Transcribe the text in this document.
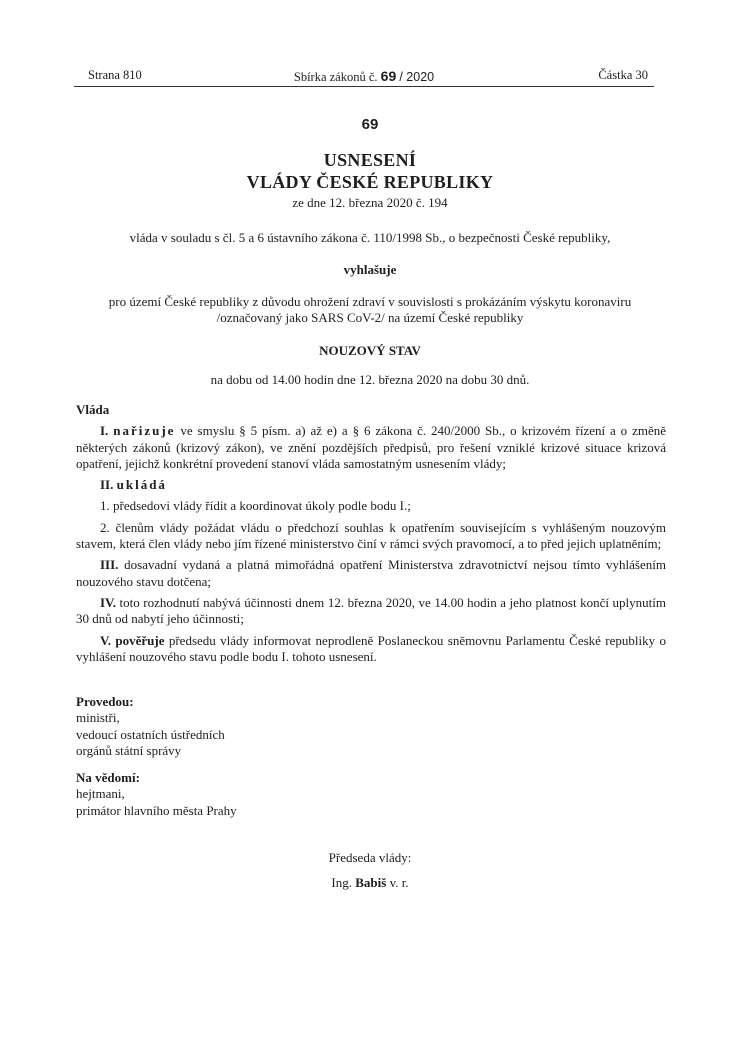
Strana 810	Sbírka zákonů č. 69 / 2020	Částka 30
69
USNESENÍ
VLÁDY ČESKÉ REPUBLIKY
ze dne 12. března 2020 č. 194
vláda v souladu s čl. 5 a 6 ústavního zákona č. 110/1998 Sb., o bezpečnosti České republiky,
vyhlašuje
pro území České republiky z důvodu ohrožení zdraví v souvislosti s prokázáním výskytu koronaviru
/označovaný jako SARS CoV-2/ na území České republiky
NOUZOVÝ STAV
na dobu od 14.00 hodin dne 12. března 2020 na dobu 30 dnů.

Vláda

I. nařizuje ve smyslu § 5 písm. a) až e) a § 6 zákona č. 240/2000 Sb., o krizovém řízení a o změně některých zákonů (krizový zákon), ve znění pozdějších předpisů, pro řešení vzniklé krizové situace krizová opatření, jejichž konkrétní provedení stanoví vláda samostatným usnesením vlády;

II. ukládá

1. předsedovi vlády řídit a koordinovat úkoly podle bodu I.;

2. členům vlády požádat vládu o předchozí souhlas k opatřením souvisejícím s vyhlášeným nouzovým stavem, která člen vlády nebo jím řízené ministerstvo činí v rámci svých pravomocí, a to před jejich uplatněním;

III. dosavadní vydaná a platná mimořádná opatření Ministerstva zdravotnictví nejsou tímto vyhlášením nouzového stavu dotčena;

IV. toto rozhodnutí nabývá účinnosti dnem 12. března 2020, ve 14.00 hodin a jeho platnost končí uplynutím 30 dnů od nabytí jeho účinnosti;

V. pověřuje předsedu vlády informovat neprodleně Poslaneckou sněmovnu Parlamentu České republiky o vyhlášení nouzového stavu podle bodu I. tohoto usnesení.

Provedou:

ministři,

vedoucí ostatních ústředních

orgánů státní správy

Na vědomí:

hejtmani,

primátor hlavního města Prahy

Předseda vlády:
Ing. Babiš v. r.
